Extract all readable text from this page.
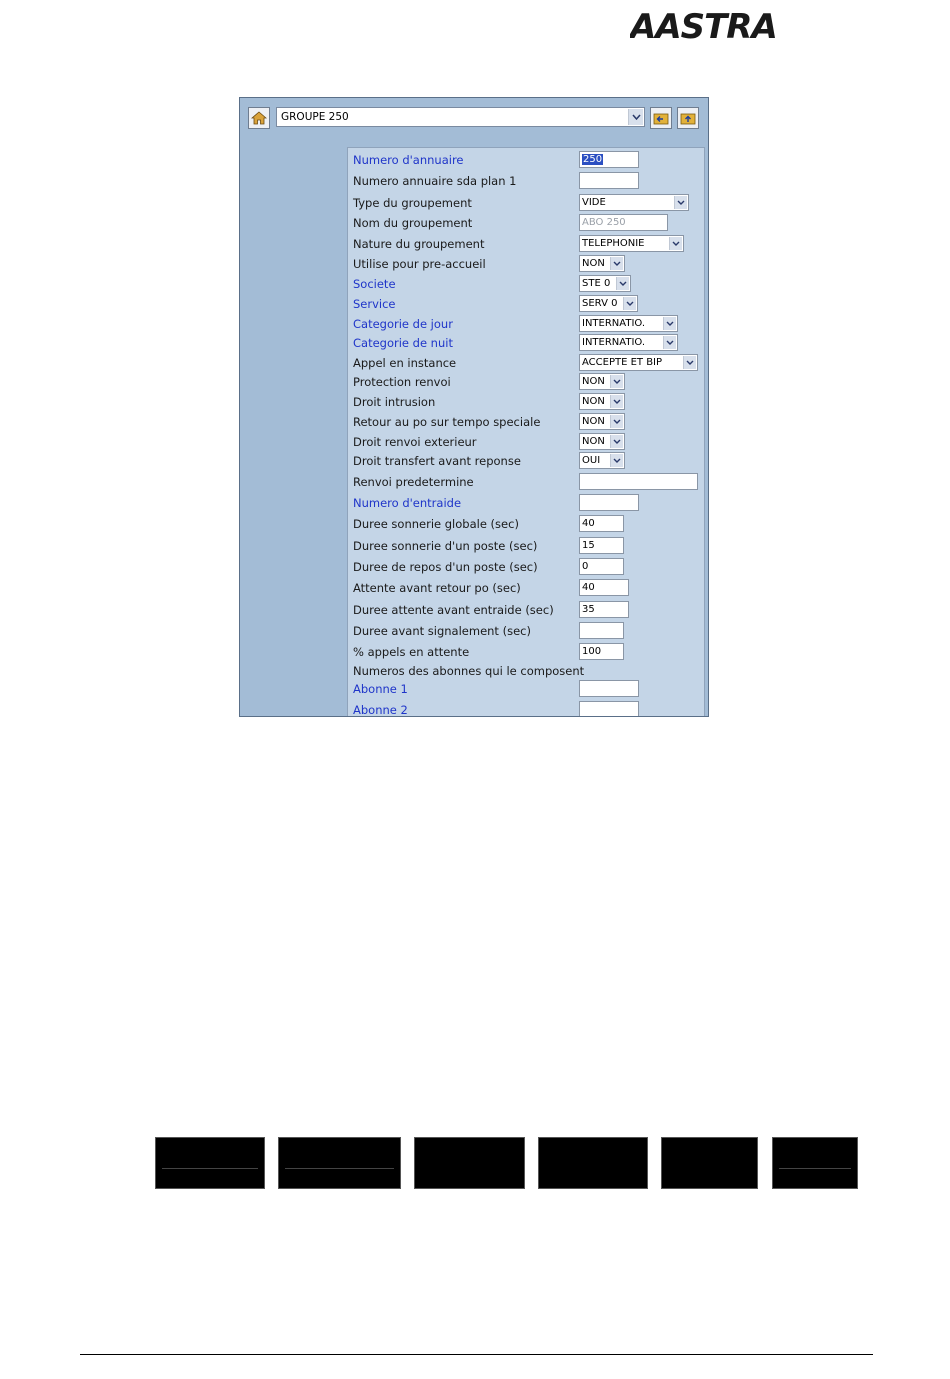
AASTRA
GROUPE 250
Numero d'annuaire	250
Numero annuaire sda plan 1
Type du groupement	VIDE
Nom du groupement	ABO 250
Nature du groupement	TELEPHONIE
Utilise pour pre-accueil	NON
Societe	STE 0
Service	SERV 0
Categorie de jour	INTERNATIO.
Categorie de nuit	INTERNATIO.
Appel en instance	ACCEPTE ET BIP
Protection renvoi	NON
Droit intrusion	NON
Retour au po sur tempo speciale	NON
Droit renvoi exterieur	NON
Droit transfert avant reponse	OUI
Renvoi predetermine
Numero d'entraide
Duree sonnerie globale (sec)	40
Duree sonnerie d'un poste (sec)	15
Duree de repos d'un poste (sec)	0
Attente avant retour po (sec)	40
Duree attente avant entraide (sec)	35
Duree avant signalement (sec)
% appels en attente	100
Numeros des abonnes qui le composent
Abonne 1
Abonne 2
